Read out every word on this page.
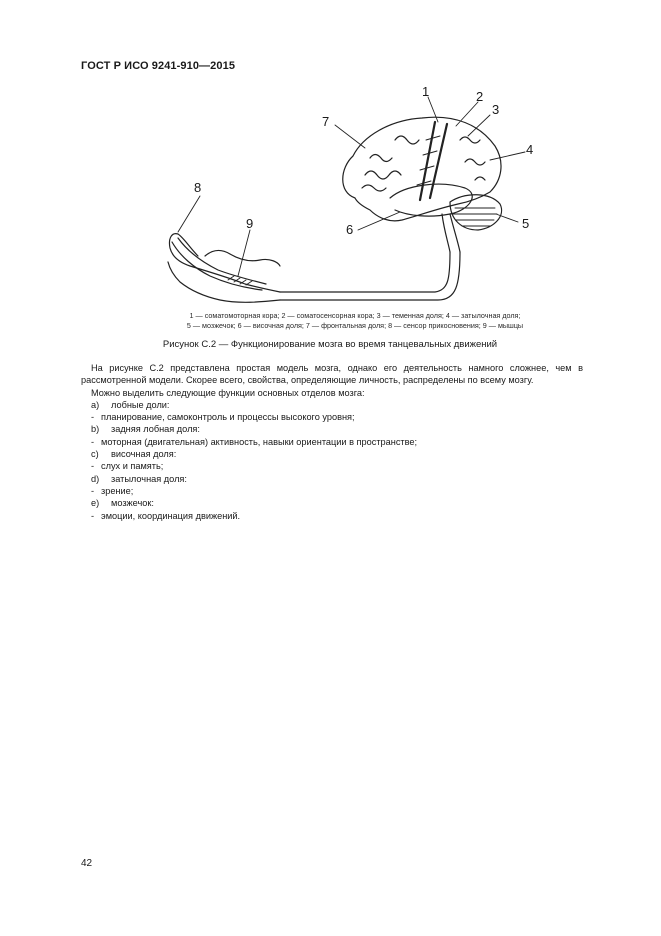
ГОСТ Р ИСО 9241-910—2015
1	2
3
4
5
6
7
8
9
1 — соматомоторная кора; 2 — соматосенсорная кора; 3 — теменная доля; 4 — затылочная доля;
5 — мозжечок; 6 — височная доля; 7 — фронтальная доля; 8 — сенсор прикосновения; 9 — мышцы
Рисунок С.2 — Функционирование мозга во время танцевальных движений

На рисунке С.2 представлена простая модель мозга, однако его деятельность намного сложнее, чем в рассмотренной модели. Скорее всего, свойства, определяющие личность, распределены по всему мозгу.

Можно выделить следующие функции основных отделов мозга:

a) лобные доли:

- планирование, самоконтроль и процессы высокого уровня;

b) задняя лобная доля:

- моторная (двигательная) активность, навыки ориентации в пространстве;

c) височная доля:

- слух и память;

d) затылочная доля:

- зрение;

e) мозжечок:

- эмоции, координация движений.

42
